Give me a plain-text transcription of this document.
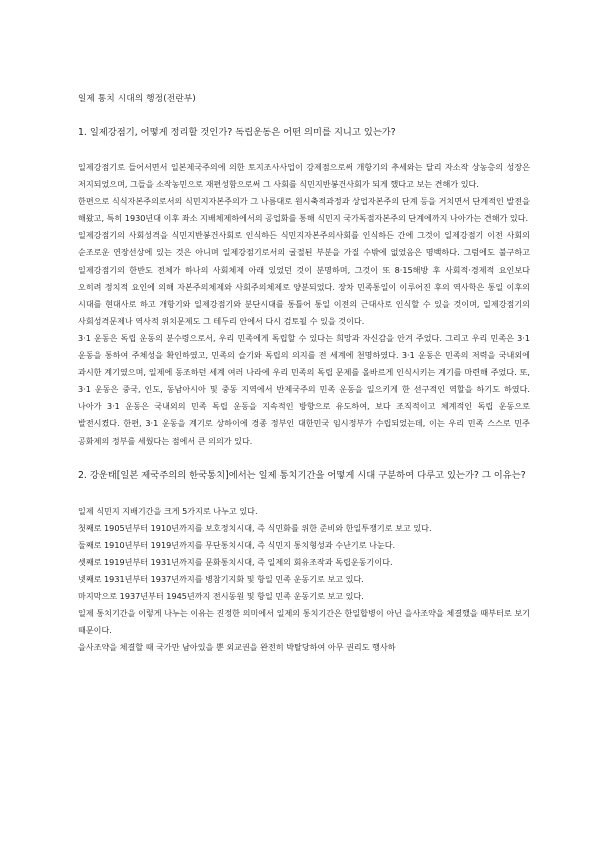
일제 통치 시대의 행정(전란부)
1. 일제강점기, 어떻게 정리할 것인가? 독립운동은 어떤 의미를 지니고 있는가?

일제강점기로 들어서면서 일본제국주의에 의한 토지조사사업이 강제점으로써 개항기의 추세와는 달리 자소작 상농층의 성장은 저지되었으며, 그들을 소작농민으로 재편성함으로써 그 사회를 식민지반봉건사회가 되게 했다고 보는 견해가 있다.

한편으로 식식자본주의로서의 식민지자본주의가 그 나름대로 원시축적과정과 상업자본주의 단계 등을 거치면서 단계적인 발전을 해왔고, 특히 1930년대 이후 좌소 지배체제하에서의 공업화를 통해 식민지 국가독점자본주의 단계에까지 나아가는 견해가 있다.

일제강점기의 사회성격을 식민지반봉건사회로 인식하든 식민지자본주의사회를 인식하든 간에 그것이 일제강점기 이전 사회의 순조로운 연장선상에 있는 것은 아니며 일제강점기로서의 굴절된 부분을 가질 수밖에 없었음은 명백하다. 그럼에도 불구하고 일제강점기의 한반도 전체가 하나의 사회체제 아래 있었던 것이 분명하며, 그것이 또 8·15해방 후 사회적·경제적 요인보다 오히려 정치적 요인에 의해 자본주의체제와 사회주의체제로 양분되었다. 장차 민족통일이 이루어진 후의 역사학은 통일 이후의 시대를 현대사로 하고 개항기와 일제강점기와 분단시대를 통틀어 통일 이전의 근대사로 인식할 수 있을 것이며, 일제강점기의 사회성격문제나 역사적 위치문제도 그 테두리 안에서 다시 검토될 수 있을 것이다.

3·1 운동은 독립 운동의 분수령으로서, 우리 민족에게 독립할 수 있다는 희망과 자신감을 안겨 주었다. 그리고 우리 민족은 3·1 운동을 통하여 주체성을 확인하였고, 민족의 슬기와 독립의 의지를 전 세계에 천명하였다. 3·1 운동은 민족의 저력을 국내외에 과시한 계기였으며, 일제에 동조하던 세계 여러 나라에 우리 민족의 독립 문제를 올바르게 인식시키는 계기를 마련해 주었다. 또, 3·1 운동은 중국, 인도, 동남아시아 및 중동 지역에서 반제국주의 민족 운동을 일으키게 한 선구적인 역할을 하기도 하였다. 나아가 3·1 운동은 국내외의 민족 독립 운동을 지속적인 방향으로 유도하여, 보다 조직적이고 체계적인 독립 운동으로 발전시켰다. 한편, 3·1 운동을 계기로 상하이에 경종 정부인 대한민국 임시정부가 수립되었는데, 이는 우리 민족 스스로 민주 공화제의 정부를 세웠다는 점에서 큰 의의가 있다.

2. 강운태[일본 제국주의의 한국통치]에서는 일제 통치기간을 어떻게 시대 구분하여 다루고 있는가? 그 이유는?

일제 식민지 지배기간을 크게 5가지로 나누고 있다.

첫째로 1905년부터 1910년까지를 보호정치시대, 즉 식민화를 위한 준비와 한일투쟁기로 보고 있다.

둘째로 1910년부터 1919년까지를 무단통치시대, 즉 식민지 통치형성과 수난기로 나눈다.

셋째로 1919년부터 1931년까지를 문화통치시대, 즉 일제의 회유조작과 독립운동기이다.

넷째로 1931년부터 1937년까지를 병참기지화 및 항일 민족 운동기로 보고 있다.

마지막으로 1937년부터 1945년까지 전시동원 및 항일 민족 운동기로 보고 있다.

일제 통치기간을 이렇게 나누는 이유는 진정한 의미에서 일제의 통치기간은 한일합병이 아닌 을사조약을 체결했을 때부터로 보기 때문이다.

을사조약을 체결할 때 국가만 남아있을 뿐 외교권을 완전히 박탈당하여 아무 권리도 행사하
